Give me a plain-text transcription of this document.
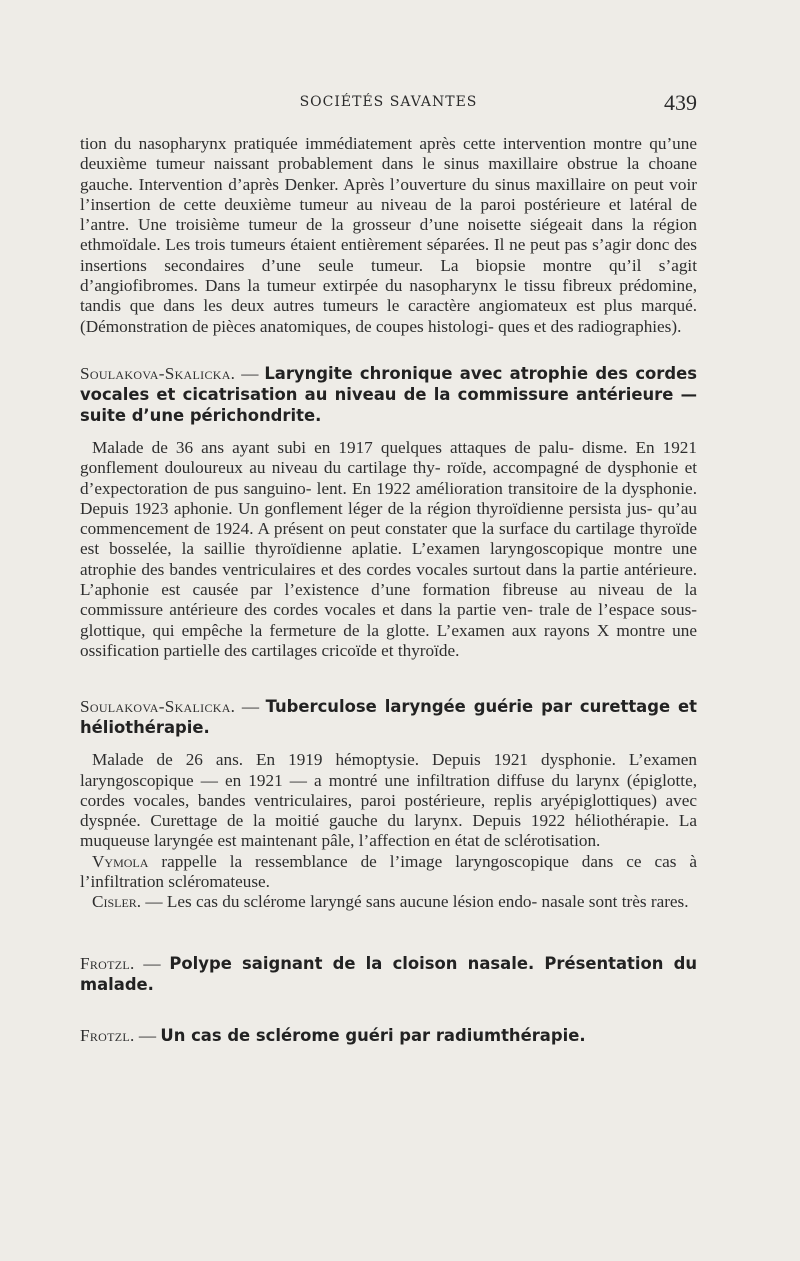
SOCIÉTÉS SAVANTES	439

tion du nasopharynx pratiquée immédiatement après cette intervention montre qu’une deuxième tumeur naissant probablement dans le sinus maxillaire obstrue la choane gauche. Intervention d’après Denker. Après l’ouverture du sinus maxillaire on peut voir l’insertion de cette deuxième tumeur au niveau de la paroi postérieure et latéral de l’antre. Une troisième tumeur de la grosseur d’une noisette siégeait dans la région ethmoïdale. Les trois tumeurs étaient entièrement séparées. Il ne peut pas s’agir donc des insertions secondaires d’une seule tumeur. La biopsie montre qu’il s’agit d’angiofibromes. Dans la tumeur extirpée du nasopharynx le tissu fibreux prédomine, tandis que dans les deux autres tumeurs le caractère angiomateux est plus marqué. (Démonstration de pièces anatomiques, de coupes histologi- ques et des radiographies).

Soulakova-Skalicka. — Laryngite chronique avec atrophie des cordes vocales et cicatrisation au niveau de la commissure antérieure — suite d’une périchondrite.

Malade de 36 ans ayant subi en 1917 quelques attaques de palu- disme. En 1921 gonflement douloureux au niveau du cartilage thy- roïde, accompagné de dysphonie et d’expectoration de pus sanguino- lent. En 1922 amélioration transitoire de la dysphonie. Depuis 1923 aphonie. Un gonflement léger de la région thyroïdienne persista jus- qu’au commencement de 1924. A présent on peut constater que la surface du cartilage thyroïde est bosselée, la saillie thyroïdienne aplatie. L’examen laryngoscopique montre une atrophie des bandes ventriculaires et des cordes vocales surtout dans la partie antérieure. L’aphonie est causée par l’existence d’une formation fibreuse au niveau de la commissure antérieure des cordes vocales et dans la partie ven- trale de l’espace sous-glottique, qui empêche la fermeture de la glotte. L’examen aux rayons X montre une ossification partielle des cartilages cricoïde et thyroïde.

Soulakova-Skalicka. — Tuberculose laryngée guérie par curettage et héliothérapie.

Malade de 26 ans. En 1919 hémoptysie. Depuis 1921 dysphonie. L’examen laryngoscopique — en 1921 — a montré une infiltration diffuse du larynx (épiglotte, cordes vocales, bandes ventriculaires, paroi postérieure, replis aryépiglottiques) avec dyspnée. Curettage de la moitié gauche du larynx. Depuis 1922 héliothérapie. La muqueuse laryngée est maintenant pâle, l’affection en état de sclérotisation.

Vymola rappelle la ressemblance de l’image laryngoscopique dans ce cas à l’infiltration scléromateuse.

Cisler. — Les cas du sclérome laryngé sans aucune lésion endo- nasale sont très rares.

Frotzl. — Polype saignant de la cloison nasale. Présentation du malade.

Frotzl. — Un cas de sclérome guéri par radiumthérapie.
